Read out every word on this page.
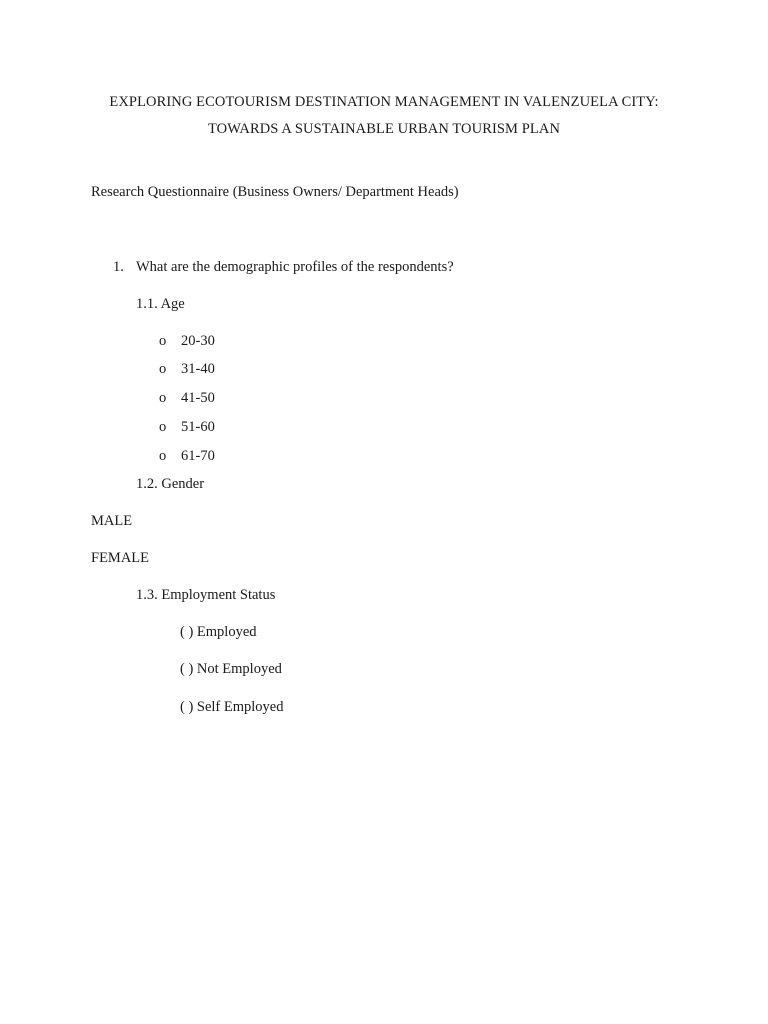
EXPLORING ECOTOURISM DESTINATION MANAGEMENT IN VALENZUELA CITY:
TOWARDS A SUSTAINABLE URBAN TOURISM PLAN
Research Questionnaire (Business Owners/ Department Heads)
1. What are the demographic profiles of the respondents?
1.1. Age
o 20-30
o 31-40
o 41-50
o 51-60
o 61-70
1.2. Gender
MALE
FEMALE
1.3. Employment Status
( ) Employed
( ) Not Employed
( ) Self Employed
